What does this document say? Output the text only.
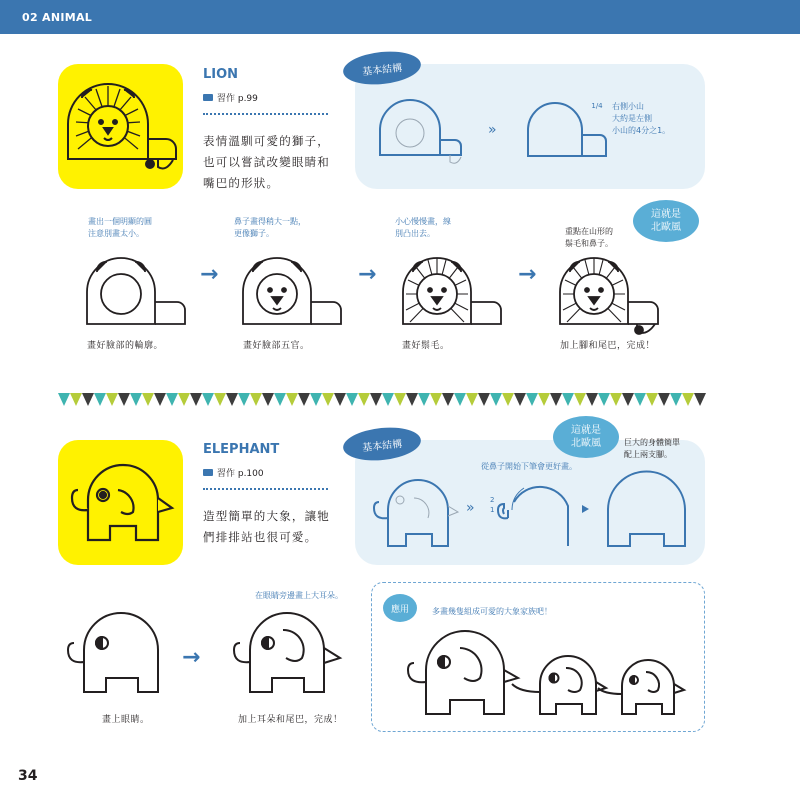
02 ANIMAL
LION
習作 p.99
表情溫馴可愛的獅子，
也可以嘗試改變眼睛和
嘴巴的形狀。
基本結構
»
1/4 右側小山
大約是左側
小山的4分之1。
畫出一個明顯的圓
注意別畫太小。
鼻子畫得稍大一點，
更像獅子。
小心慢慢畫，線
別凸出去。	重點在山形的
鬃毛和鼻子。
這就是
北歐風
→	→	→
畫好臉部的輪廓。	畫好臉部五官。	畫好鬃毛。	加上腳和尾巴，完成！
ELEPHANT
習作 p.100
造型簡單的大象，讓牠
們排排站也很可愛。
基本結構
這就是
北歐風	巨大的身體簡單
配上兩支腳。
從鼻子開始下筆會更好畫。
» 2
1
在眼睛旁邊畫上大耳朵。
→
畫上眼睛。	加上耳朵和尾巴，完成！
應用	多畫幾隻組成可愛的大象家族吧！
34
